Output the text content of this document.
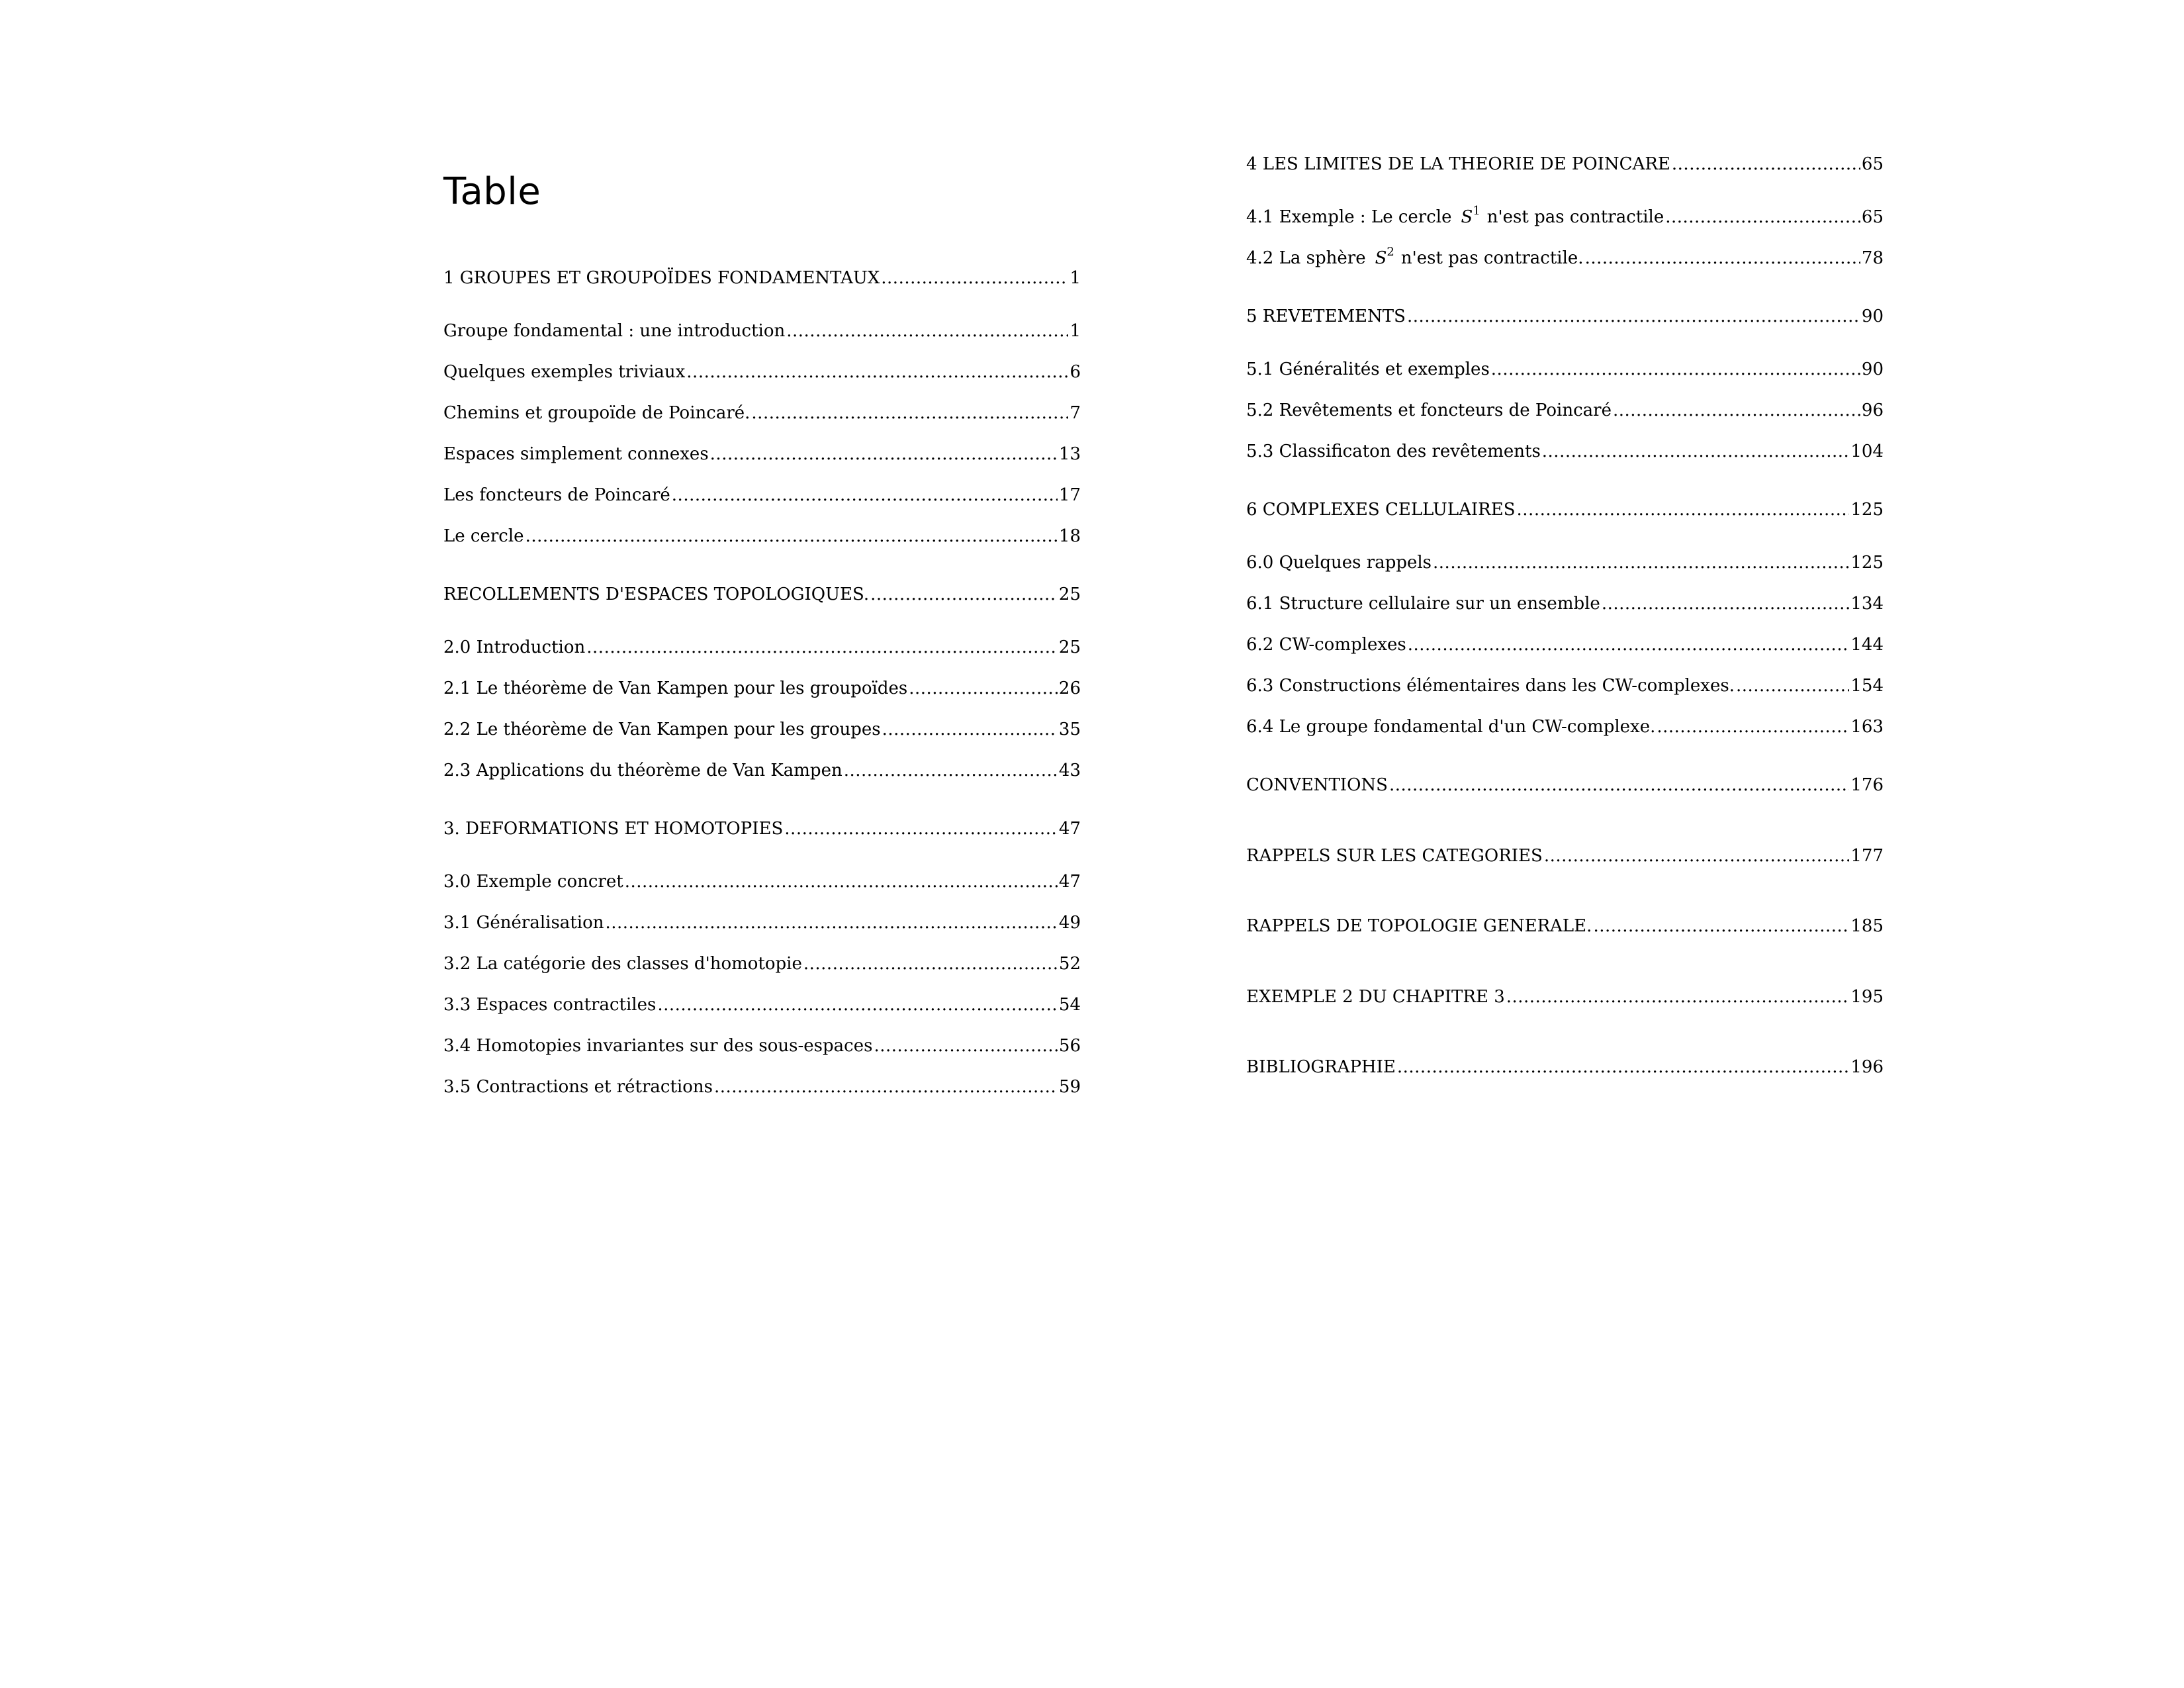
Table
1 GROUPES ET GROUPOÏDES FONDAMENTAUX .....	1
Groupe fondamental : une introduction .....	1
Quelques exemples triviaux .....	6
Chemins et groupoïde de Poincaré. .....	7
Espaces simplement connexes .....	13
Les foncteurs de Poincaré .....	17
Le cercle .....	18
RECOLLEMENTS D'ESPACES TOPOLOGIQUES. .....	25
2.0 Introduction .....	25
2.1 Le théorème de Van Kampen pour les groupoïdes .....	26
2.2 Le théorème de Van Kampen pour les groupes .....	35
2.3 Applications du théorème de Van Kampen .....	43
3. DEFORMATIONS ET HOMOTOPIES .....	47
3.0 Exemple concret .....	47
3.1 Généralisation .....	49
3.2 La catégorie des classes d'homotopie .....	52
3.3 Espaces contractiles .....	54
3.4 Homotopies invariantes sur des sous-espaces .....	56
3.5 Contractions et rétractions .....	59
4 LES LIMITES DE LA THEORIE DE POINCARE .....	65
4.1 Exemple : Le cercle $S^1$ n'est pas contractile .....	65
4.2 La sphère $S^2$ n'est pas contractile. .....	78
5 REVETEMENTS .....	90
5.1 Généralités et exemples .....	90
5.2 Revêtements et foncteurs de Poincaré .....	96
5.3 Classificaton des revêtements .....	104
6 COMPLEXES CELLULAIRES .....	125
6.0 Quelques rappels .....	125
6.1 Structure cellulaire sur un ensemble .....	134
6.2 CW-complexes .....	144
6.3 Constructions élémentaires dans les CW-complexes. .....	154
6.4 Le groupe fondamental d'un CW-complexe. .....	163
CONVENTIONS .....	176
RAPPELS SUR LES CATEGORIES .....	177
RAPPELS DE TOPOLOGIE GENERALE. .....	185
EXEMPLE 2 DU CHAPITRE 3 .....	195
BIBLIOGRAPHIE .....	196
